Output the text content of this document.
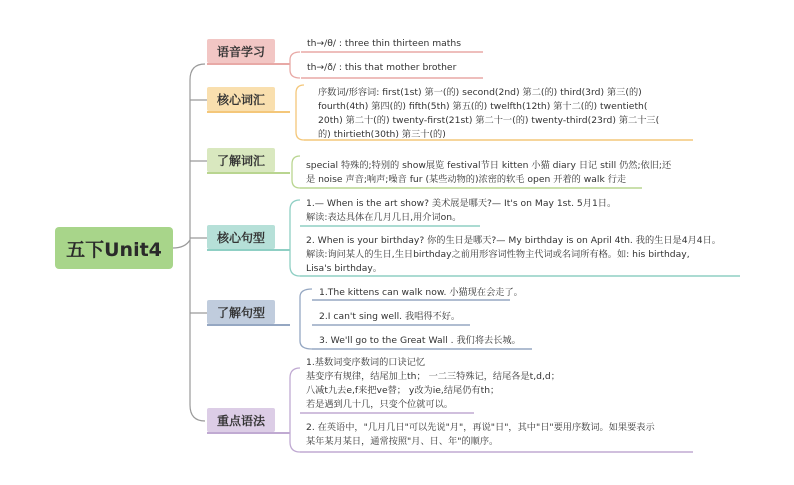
五下Unit4
语音学习
核心词汇
了解词汇
核心句型
了解句型
重点语法
th→/θ/ : three thin thirteen maths
th→/ð/ : this that mother brother
序数词/形容词: first(1st) 第一(的) second(2nd) 第二(的) third(3rd) 第三(的)
fourth(4th) 第四(的) fifth(5th) 第五(的) twelfth(12th) 第十二(的) twentieth(
20th) 第二十(的) twenty-first(21st) 第二十一(的) twenty-third(23rd) 第二十三(
的) thirtieth(30th) 第三十(的)
special 特殊的;特别的 show展览 festival节日 kitten 小猫 diary 日记 still 仍然;依旧;还
是 noise 声音;响声;噪音 fur (某些动物的)浓密的软毛 open 开着的 walk 行走
1.— When is the art show? 美术展是哪天?— It's on May 1st. 5月1日。
解读:表达具体在几月几日,用介词on。
2. When is your birthday? 你的生日是哪天?— My birthday is on April 4th. 我的生日是4月4日。
解读:询问某人的生日,生日birthday之前用形容词性物主代词或名词所有格。如: his birthday,
Lisa's birthday。
1.The kittens can walk now. 小猫现在会走了。
2.I can't sing well. 我唱得不好。
3. We'll go to the Great Wall . 我们将去长城。
1.基数词变序数词的口诀记忆
基变序有规律，结尾加上th； 一二三特殊记，结尾各是t,d,d；
八减t九去e,f来把ve替； y改为ie,结尾仍有th；
若是遇到几十几，只变个位就可以。
2. 在英语中，"几月几日"可以先说"月"，再说"日"，其中"日"要用序数词。如果要表示
某年某月某日，通常按照"月、日、年"的顺序。
